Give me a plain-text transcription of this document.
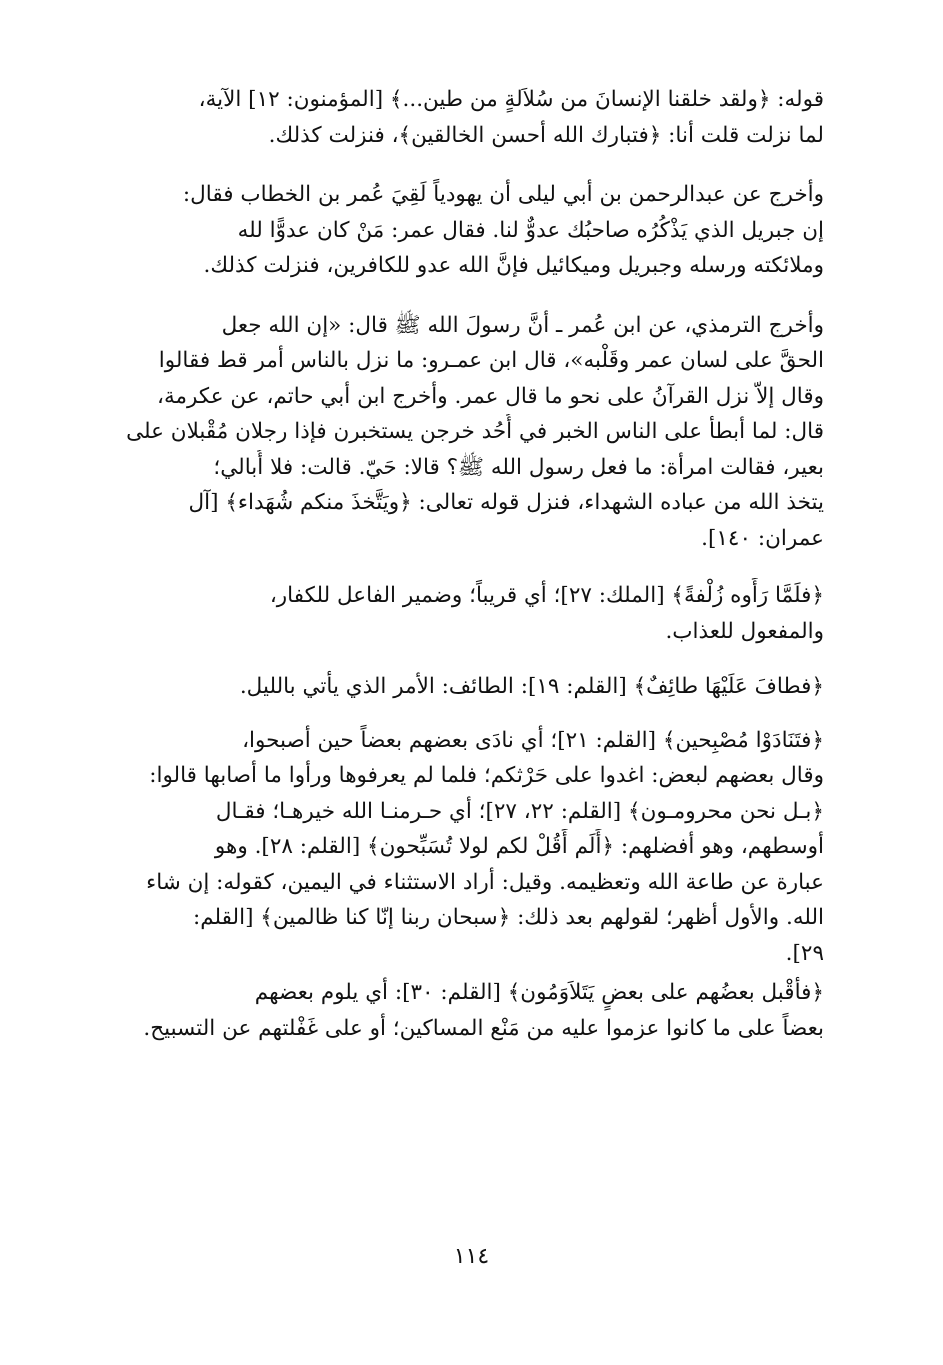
قوله: ﴿ولقد خلقنا الإنسانَ من سُلاَلةٍ من طين...﴾ [المؤمنون: ١٢] الآية،
لما نزلت قلت أنا: ﴿فتبارك الله أحسن الخالقين﴾، فنزلت كذلك.
وأخرج عن عبدالرحمن بن أبي ليلى أن يهودياً لَقِيَ عُمر بن الخطاب فقال:
إن جبريل الذي يَذْكُرُه صاحبُك عدوٌّ لنا. فقال عمر: مَنْ كان عدوًّا لله
وملائكته ورسله وجبريل وميكائيل فإنَّ الله عدو للكافرين، فنزلت كذلك.
وأخرج الترمذي، عن ابن عُمر ـ أنَّ رسولَ الله ﷺ قال: «إن الله جعل
الحقَّ على لسان عمر وقَلْبه»، قال ابن عمـرو: ما نزل بالناس أمر قط فقالوا
وقال إلاّ نزل القرآنُ على نحو ما قال عمر. وأخرج ابن أبي حاتم، عن عكرمة،
قال: لما أبطأ على الناس الخبر في أُحُد خرجن يستخبرن فإذا رجلان مُقْبلان على
بعير، فقالت امرأة: ما فعل رسول الله ﷺ؟ قالا: حَيّ. قالت: فلا أُبالي؛
يتخذ الله من عباده الشهداء، فنزل قوله تعالى: ﴿ويَتَّخذَ منكم شُهَداء﴾ [آل
عمران: ١٤٠].
﴿فلَمَّا رَأَوه زُلْفةً﴾ [الملك: ٢٧]؛ أي قريباً؛ وضمير الفاعل للكفار،
والمفعول للعذاب.
﴿فطافَ عَلَيْهَا طائِفٌ﴾ [القلم: ١٩]: الطائف: الأمر الذي يأتي بالليل.
﴿فتَنَادَوْا مُصْبِحين﴾ [القلم: ٢١]؛ أي نادَى بعضهم بعضاً حين أصبحوا،
وقال بعضهم لبعض: اغدوا على حَرْثكم؛ فلما لم يعرفوها ورأوا ما أصابها قالوا:
﴿بـل نحن محرومـون﴾ [القلم: ٢٢، ٢٧]؛ أي حـرمنـا الله خيرهـا؛ فقـال
أوسطهم، وهو أفضلهم: ﴿أَلَم أَقُلْ لكم لولا تُسَبِّحون﴾ [القلم: ٢٨]. وهو
عبارة عن طاعة الله وتعظيمه. وقيل: أراد الاستثناء في اليمين، كقوله: إن شاء
الله. والأول أظهر؛ لقولهم بعد ذلك: ﴿سبحان ربنا إنّا كنا ظالمين﴾ [القلم:
٢٩].
﴿فأقْبل بعضُهم على بعضٍ يَتَلاَوَمُون﴾ [القلم: ٣٠]: أي يلوم بعضهم
بعضاً على ما كانوا عزموا عليه من مَنْع المساكين؛ أو على غَفْلتهم عن التسبيح.
١١٤
